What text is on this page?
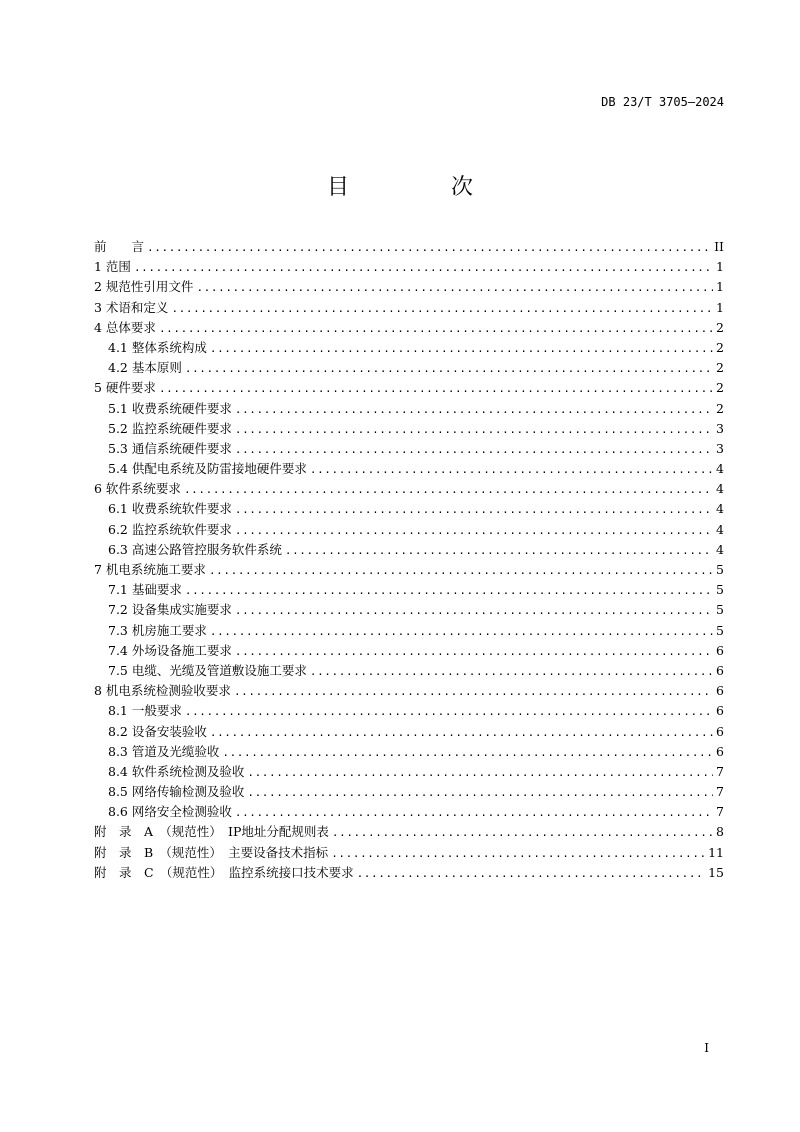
DB 23/T 3705—2024
目　次
前　　言 .....	II
1 范围 .....	1
2 规范性引用文件 .....	1
3 术语和定义 .....	1
4 总体要求 .....	2
4.1 整体系统构成 .....	2
4.2 基本原则 .....	2
5 硬件要求 .....	2
5.1 收费系统硬件要求 .....	2
5.2 监控系统硬件要求 .....	3
5.3 通信系统硬件要求 .....	3
5.4 供配电系统及防雷接地硬件要求 .....	4
6 软件系统要求 .....	4
6.1 收费系统软件要求 .....	4
6.2 监控系统软件要求 .....	4
6.3 高速公路管控服务软件系统 .....	4
7 机电系统施工要求 .....	5
7.1 基础要求 .....	5
7.2 设备集成实施要求 .....	5
7.3 机房施工要求 .....	5
7.4 外场设备施工要求 .....	6
7.5 电缆、光缆及管道敷设施工要求 .....	6
8 机电系统检测验收要求 .....	6
8.1 一般要求 .....	6
8.2 设备安装验收 .....	6
8.3 管道及光缆验收 .....	6
8.4 软件系统检测及验收 .....	7
8.5 网络传输检测及验收 .....	7
8.6 网络安全检测验收 .....	7
附　录　A　（规范性）　IP地址分配规则表 .....	8
附　录　B　（规范性）　主要设备技术指标 .....	11
附　录　C　（规范性）　监控系统接口技术要求 .....	15
I
